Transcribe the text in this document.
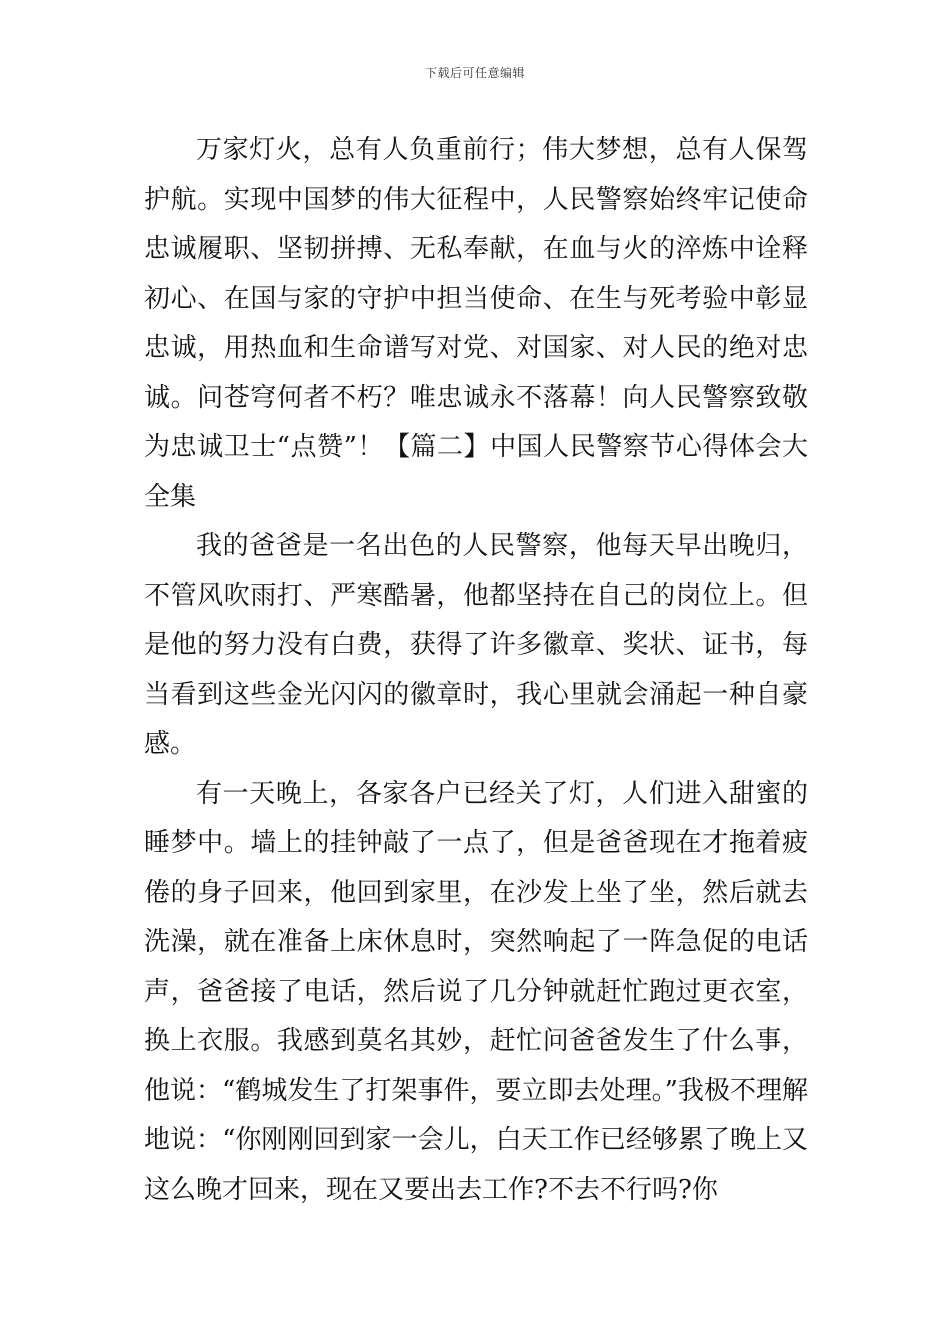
下载后可任意编辑

万家灯火，总有人负重前行；伟大梦想，总有人保驾护航。实现中国梦的伟大征程中，人民警察始终牢记使命忠诚履职、坚韧拼搏、无私奉献，在血与火的淬炼中诠释初心、在国与家的守护中担当使命、在生与死考验中彰显忠诚，用热血和生命谱写对党、对国家、对人民的绝对忠诚。问苍穹何者不朽？唯忠诚永不落幕！向人民警察致敬为忠诚卫士“点赞”！【篇二】中国人民警察节心得体会大全集

我的爸爸是一名出色的人民警察，他每天早出晚归，不管风吹雨打、严寒酷暑，他都坚持在自己的岗位上。但是他的努力没有白费，获得了许多徽章、奖状、证书，每当看到这些金光闪闪的徽章时，我心里就会涌起一种自豪感。

有一天晚上，各家各户已经关了灯，人们进入甜蜜的睡梦中。墙上的挂钟敲了一点了，但是爸爸现在才拖着疲倦的身子回来，他回到家里，在沙发上坐了坐，然后就去洗澡，就在准备上床休息时，突然响起了一阵急促的电话声，爸爸接了电话，然后说了几分钟就赶忙跑过更衣室，换上衣服。我感到莫名其妙，赶忙问爸爸发生了什么事，他说：“鹤城发生了打架事件，要立即去处理。”我极不理解地说：“你刚刚回到家一会儿，白天工作已经够累了晚上又这么晚才回来，现在又要出去工作?不去不行吗?你
